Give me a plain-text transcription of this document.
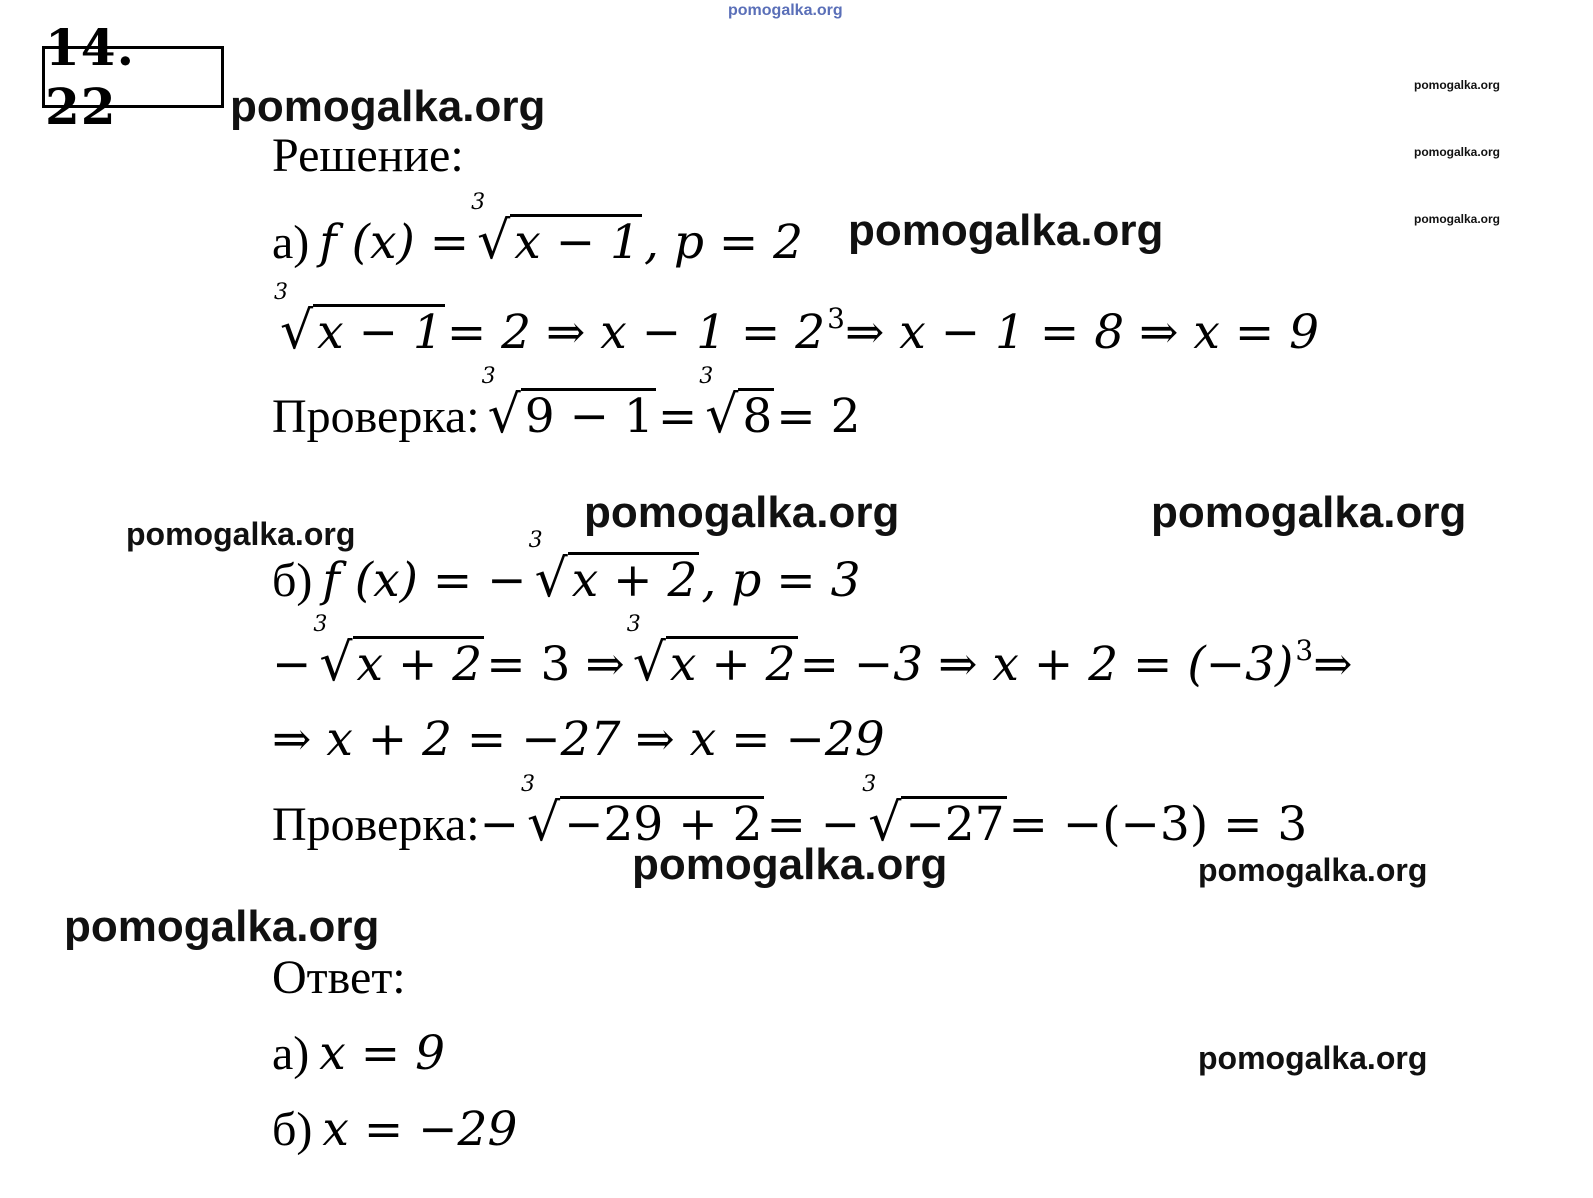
14. 22
pomogalka.org
pomogalka.org	pomogalka.org
pomogalka.org
pomogalka.org
pomogalka.org
pomogalka.org	pomogalka.org
pomogalka.org
pomogalka.org	pomogalka.org
pomogalka.org
pomogalka.org
Решение:
а) f (x) =
3
√ x − 1 , p = 2
3
√ x − 1 = 2 ⇒ x − 1 = 2 3 ⇒ x − 1 = 8 ⇒ x = 9
Проверка:
3
√ 9 − 1 =
3
√ 8 = 2
б) f (x) = −
3
√ x + 2 , p = 3
−
3
√ x + 2 = 3 ⇒
3
√ x + 2 = −3 ⇒ x + 2 = (−3) 3 ⇒
⇒ x + 2 = −27 ⇒ x = −29
Проверка: −
3
√ −29 + 2 = −
3
√ −27 = −(−3) = 3
Ответ:
а) x = 9
б) x = −29
